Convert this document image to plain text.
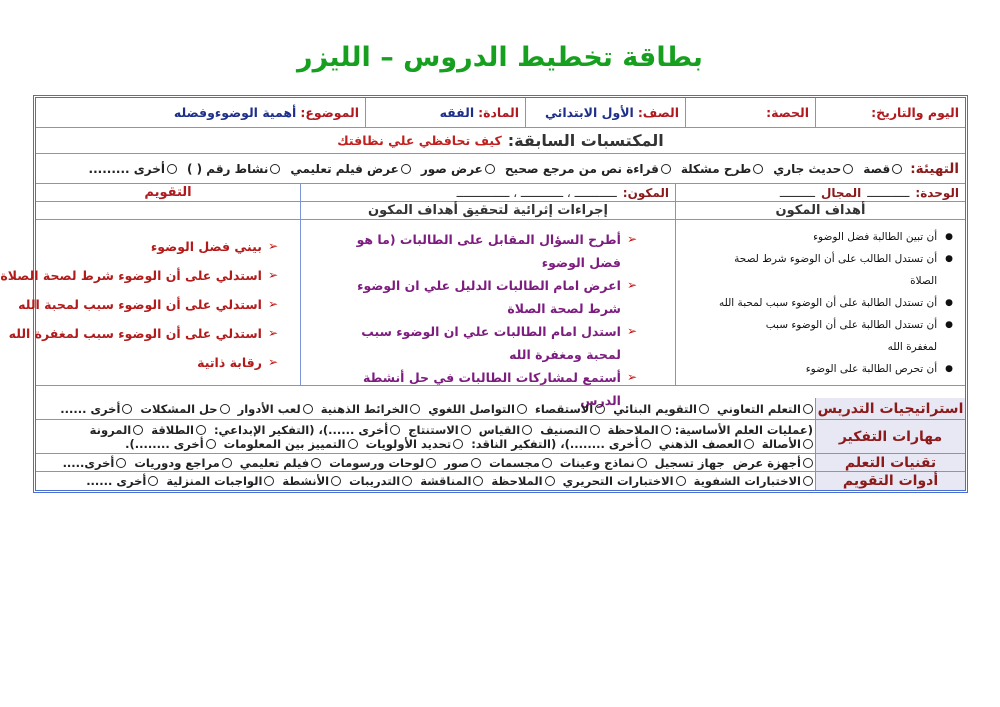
بطاقة تخطيط الدروس – الليزر
اليوم والتاريخ:
الحصة:
الصف:
الأول الابتدائي
المادة:
الفقه
الموضوع:
أهمية الوضوءوفضله
المكتسبات السابقة:
كيف تحافظي علي نظافتك
التهيئة:
قصة
حديث جاري
طرح مشكلة
قراءة نص من مرجع صحيح
عرض صور
عرض فيلم تعليمي
نشاط رقم ( )
أخرى .........
الوحدة:
ــــــــــــ
المجال
ــــــــــ
المكون:
ــــــــــــ ، ــــــــــــ ، ـــــــــــــــ
التقويم
أهداف المكون
إجراءات إثرائية لتحقيق أهداف المكون
●
أن تبين الطالبة فضل الوضوء
●
أن تستدل الطالب على أن الوضوء شرط لصحة الصلاة
●
أن تستدل الطالبة على أن الوضوء سبب لمحبة الله
●
أن تستدل الطالبة على أن الوضوء سبب لمغفرة الله
●
أن تحرص الطالبة على الوضوء
➢
أطرح السؤال المقابل على الطالبات (ما هو فضل الوضوء
➢
اعرض امام الطالبات الدليل علي ان الوضوء شرط لصحة الصلاة
➢
استدل امام الطالبات علي ان الوضوء سبب لمحبة ومغفرة الله
➢
أستمع لمشاركات الطالبات في حل أنشطة الدرس
➢
بيني فضل الوضوء
➢
استدلي على أن الوضوء شرط لصحة الصلاة
➢
استدلي على أن الوضوء سبب لمحبة الله
➢
استدلي على أن الوضوء سبب لمغفرة الله
➢
رقابة ذاتية
استراتيجيات التدريس
التعلم التعاوني
التقويم البنائي
الاستقصاء
التواصل اللغوي
الخرائط الذهنية
لعب الأدوار
حل المشكلات
أخرى ......
مهارات التفكير
(عمليات العلم الأساسية:
الملاحظة
التصنيف
القياس
الاستنتاج
أخرى ......)، (التفكير الإبداعي:
الطلاقة
المرونة
الأصالة
العصف الذهني
أخرى ........)، (التفكير الناقد:
تحديد الأولويات
التمييز بين المعلومات
أخرى ........).
تقنيات التعلم
أجهزة عرض
جهاز تسجيل
نماذج وعينات
مجسمات
صور
لوحات ورسومات
فيلم تعليمي
مراجع ودوريات
أخرى.....
أدوات التقويم
الاختبارات الشفوية
الاختبارات التحريري
الملاحظة
المناقشة
التدريبات
الأنشطة
الواجبات المنزلية
أخرى ......
